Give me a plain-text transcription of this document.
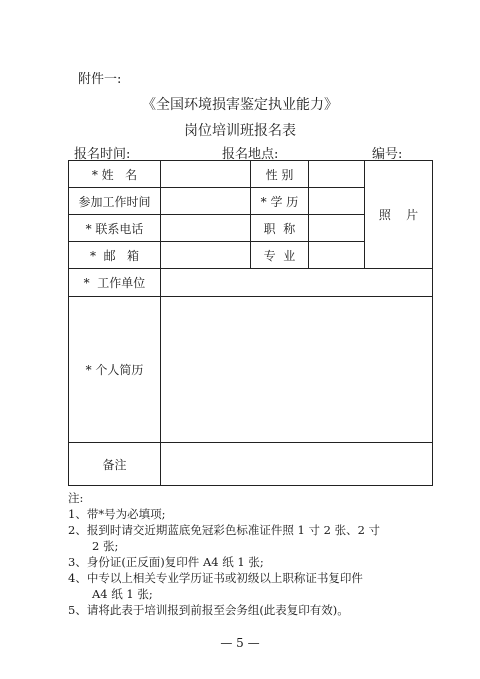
附件一:
《全国环境损害鉴定执业能力》
岗位培训班报名表
报名时间:	报名地点:	编号:
* 姓   名		性 别		照    片
参加工作时间		* 学 历		
* 联系电话		职  称		
*  邮   箱		专  业		
*  工作单位				
* 个人简历				
备注				
注:
1、带*号为必填项;
2、报到时请交近期蓝底免冠彩色标准证件照 1 寸 2 张、2 寸
2 张;
3、身份证(正反面)复印件 A4 纸 1 张;
4、中专以上相关专业学历证书或初级以上职称证书复印件
A4 纸 1 张;
5、请将此表于培训报到前报至会务组(此表复印有效)。
— 5 —
